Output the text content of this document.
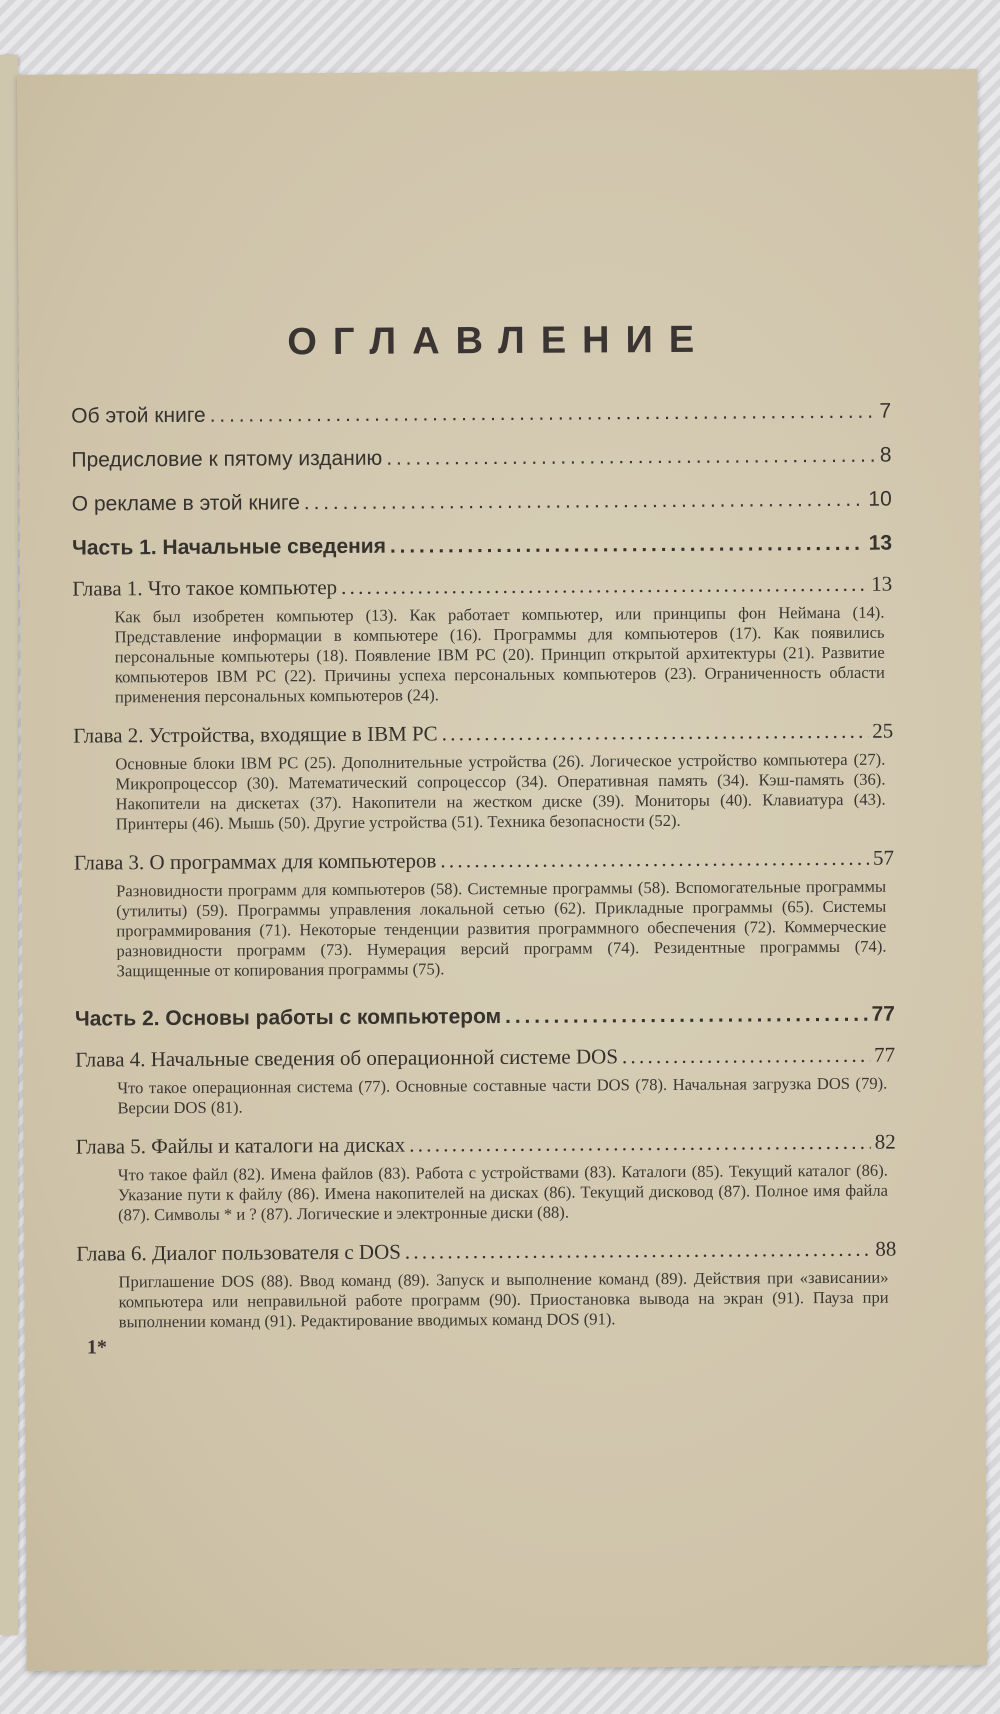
ОГЛАВЛЕНИЕ
Об этой книге . . .	7
Предисловие к пятому изданию . . .	8
О рекламе в этой книге . . .	10
Часть 1. Начальные сведения . . .	13
Глава 1. Что такое компьютер . . .	13
Как был изобретен компьютер (13). Как работает компьютер, или принципы фон Неймана (14). Представление информации в компьютере (16). Программы для компьютеров (17). Как появились персональные компьютеры (18). Появление IBM PC (20). Принцип открытой архитектуры (21). Развитие компьютеров IBM PC (22). Причины успеха персональных компьютеров (23). Ограниченность области применения персональных компьютеров (24).
Глава 2. Устройства, входящие в IBM PC . . .	25
Основные блоки IBM PC (25). Дополнительные устройства (26). Логическое устройство компьютера (27). Микропроцессор (30). Математический сопроцессор (34). Оперативная память (34). Кэш-память (36). Накопители на дискетах (37). Накопители на жестком диске (39). Мониторы (40). Клавиатура (43). Принтеры (46). Мышь (50). Другие устройства (51). Техника безопасности (52).
Глава 3. О программах для компьютеров . . .	57
Разновидности программ для компьютеров (58). Системные программы (58). Вспомогательные программы (утилиты) (59). Программы управления локальной сетью (62). Прикладные программы (65). Системы программирования (71). Некоторые тенденции развития программного обеспечения (72). Коммерческие разновидности программ (73). Нумерация версий программ (74). Резидентные программы (74). Защищенные от копирования программы (75).
Часть 2. Основы работы с компьютером . . .	77
Глава 4. Начальные сведения об операционной системе DOS . . .	77
Что такое операционная система (77). Основные составные части DOS (78). Начальная загрузка DOS (79). Версии DOS (81).
Глава 5. Файлы и каталоги на дисках . . .	82
Что такое файл (82). Имена файлов (83). Работа с устройствами (83). Каталоги (85). Текущий каталог (86). Указание пути к файлу (86). Имена накопителей на дисках (86). Текущий дисковод (87). Полное имя файла (87). Символы * и ? (87). Логические и электронные диски (88).
Глава 6. Диалог пользователя с DOS . . .	88
Приглашение DOS (88). Ввод команд (89). Запуск и выполнение команд (89). Действия при «зависании» компьютера или неправильной работе программ (90). Приостановка вывода на экран (91). Пауза при выполнении команд (91). Редактирование вводимых команд DOS (91).
1*
